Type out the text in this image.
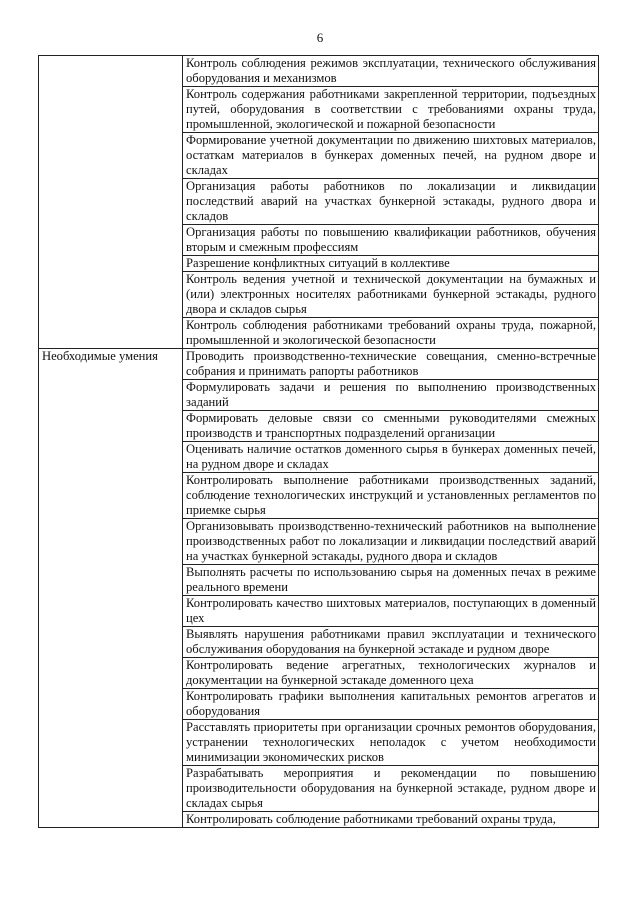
6
	Контроль соблюдения режимов эксплуатации, технического обслуживания оборудования и механизмов
	Контроль содержания работниками закрепленной территории, подъездных путей, оборудования в соответствии с требованиями охраны труда, промышленной, экологической и пожарной безопасности
	Формирование учетной документации по движению шихтовых материалов, остаткам материалов в бункерах доменных печей, на рудном дворе и складах
	Организация работы работников по локализации и ликвидации последствий аварий на участках бункерной эстакады, рудного двора и складов
	Организация работы по повышению квалификации работников, обучения вторым и смежным профессиям
	Разрешение конфликтных ситуаций в коллективе
	Контроль ведения учетной и технической документации на бумажных и (или) электронных носителях работниками бункерной эстакады, рудного двора и складов сырья
	Контроль соблюдения работниками требований охраны труда, пожарной, промышленной и экологической безопасности
Необходимые умения	Проводить производственно-технические совещания, сменно-встречные собрания и принимать рапорты работников
	Формулировать задачи и решения по выполнению производственных заданий
	Формировать деловые связи со сменными руководителями смежных производств и транспортных подразделений организации
	Оценивать наличие остатков доменного сырья в бункерах доменных печей, на рудном дворе и складах
	Контролировать выполнение работниками производственных заданий, соблюдение технологических инструкций и установленных регламентов по приемке сырья
	Организовывать производственно-технический работников на выполнение производственных работ по локализации и ликвидации последствий аварий на участках бункерной эстакады, рудного двора и складов
	Выполнять расчеты по использованию сырья на доменных печах в режиме реального времени
	Контролировать качество шихтовых материалов, поступающих в доменный цех
	Выявлять нарушения работниками правил эксплуатации и технического обслуживания оборудования на бункерной эстакаде и рудном дворе
	Контролировать ведение агрегатных, технологических журналов и документации на бункерной эстакаде доменного цеха
	Контролировать графики выполнения капитальных ремонтов агрегатов и оборудования
	Расставлять приоритеты при организации срочных ремонтов оборудования, устранении технологических неполадок с учетом необходимости минимизации экономических рисков
	Разрабатывать мероприятия и рекомендации по повышению производительности оборудования на бункерной эстакаде, рудном дворе и складах сырья
	Контролировать соблюдение работниками требований охраны труда,
